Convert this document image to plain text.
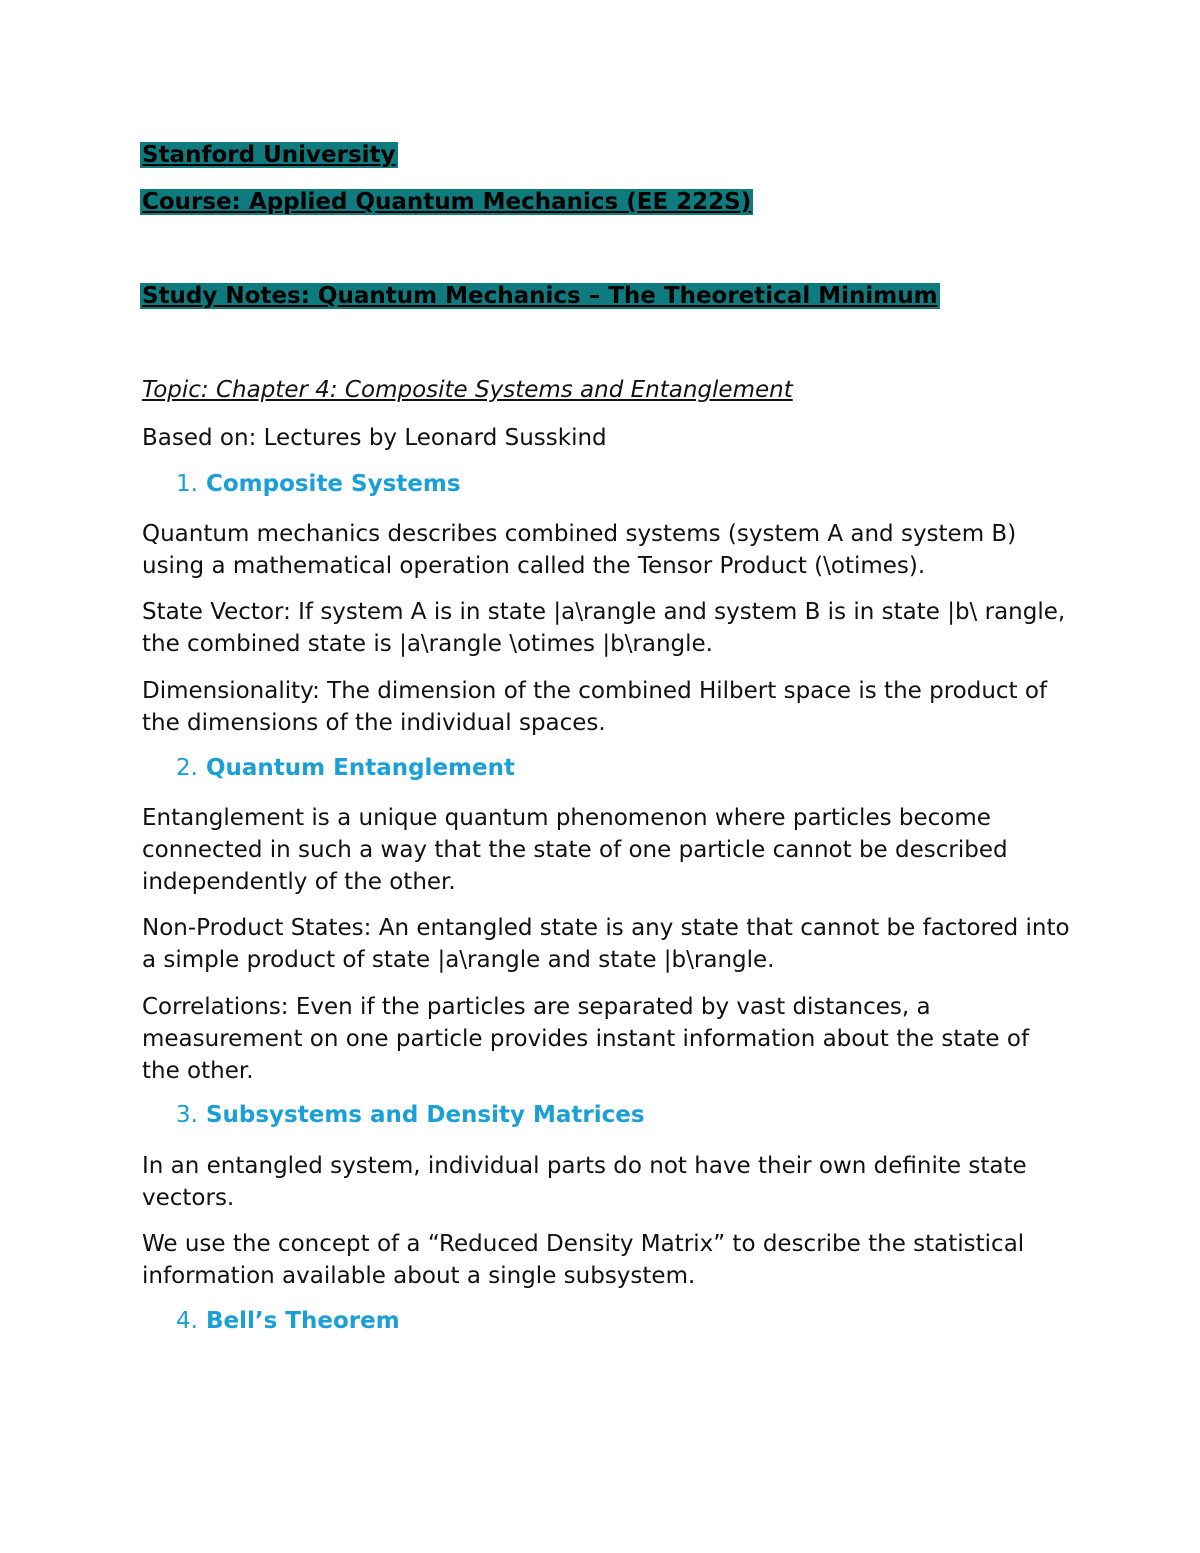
Stanford University
Course: Applied Quantum Mechanics (EE 222S)
Study Notes: Quantum Mechanics – The Theoretical Minimum
Topic: Chapter 4: Composite Systems and Entanglement
Based on: Lectures by Leonard Susskind
1. Composite Systems
Quantum mechanics describes combined systems (system A and system B) using a mathematical operation called the Tensor Product (\otimes).
State Vector: If system A is in state |a\rangle and system B is in state |b\ rangle, the combined state is |a\rangle \otimes |b\rangle.
Dimensionality: The dimension of the combined Hilbert space is the product of the dimensions of the individual spaces.
2. Quantum Entanglement
Entanglement is a unique quantum phenomenon where particles become connected in such a way that the state of one particle cannot be described independently of the other.
Non-Product States: An entangled state is any state that cannot be factored into a simple product of state |a\rangle and state |b\rangle.
Correlations: Even if the particles are separated by vast distances, a measurement on one particle provides instant information about the state of the other.
3. Subsystems and Density Matrices
In an entangled system, individual parts do not have their own definite state vectors.
We use the concept of a “Reduced Density Matrix” to describe the statistical information available about a single subsystem.
4. Bell’s Theorem
